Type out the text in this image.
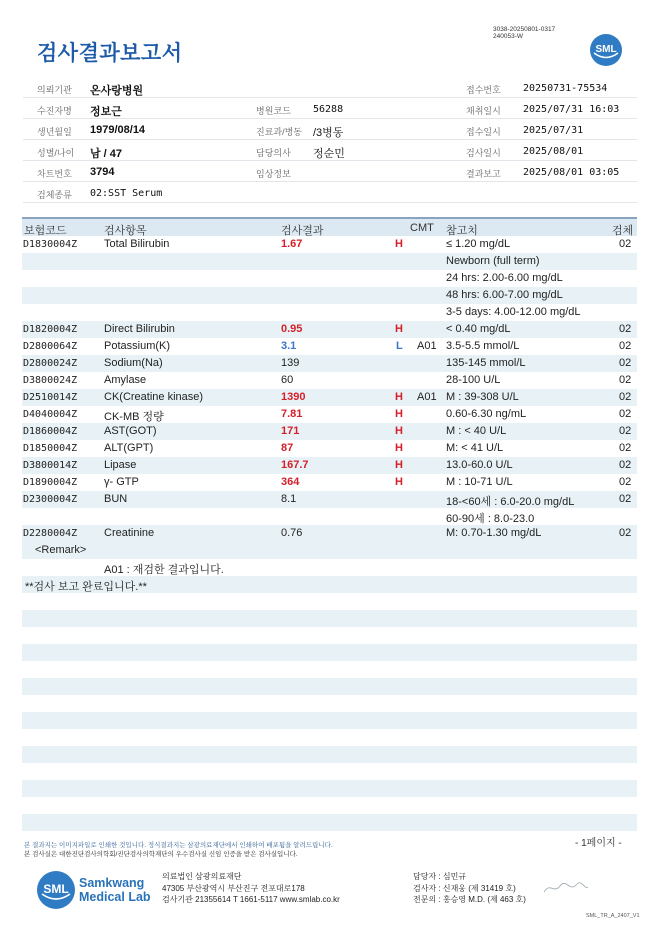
3038-20250801-0317
240053-W
검사결과보고서	SML
의뢰기관 온사랑병원	접수번호 20250731-75534
수진자명 정보근	병원코드 56288	채취일시 2025/07/31 16:03
생년월일 1979/08/14	진료과/병동 /3병동	접수일시 2025/07/31
성별/나이 남 / 47	담당의사 정순민	검사일시 2025/08/01
차트번호 3794	임상정보	결과보고 2025/08/01 03:05
검체종류 02:SST Serum
보험코드	검사항목	검사결과	CMT 참고치	검체
D1830004Z Total Bilirubin	1.67	H	≤ 1.20 mg/dL	02
Newborn (full term)
24 hrs: 2.00-6.00 mg/dL
48 hrs: 6.00-7.00 mg/dL
3-5 days: 4.00-12.00 mg/dL
D1820004Z Direct Bilirubin	0.95	H	< 0.40 mg/dL	02
D2800064Z Potassium(K)	3.1	L A01 3.5-5.5 mmol/L	02
D2800024Z Sodium(Na)	139	135-145 mmol/L	02
D3800024Z Amylase	60	28-100 U/L	02
D2510014Z CK(Creatine kinase)	1390	H A01 M : 39-308 U/L	02
D4040004Z CK-MB 정량	7.81	H	0.60-6.30 ng/mL	02
D1860004Z AST(GOT)	171	H	M : < 40 U/L	02
D1850004Z ALT(GPT)	87	H	M: < 41 U/L	02
D3800014Z Lipase	167.7	H	13.0-60.0 U/L	02
D1890004Z γ- GTP	364	H	M : 10-71 U/L	02
D2300004Z BUN	8.1	18-<60세 : 6.0-20.0 mg/dL	02
60-90세 : 8.0-23.0
D2280004Z Creatinine	0.76	M: 0.70-1.30 mg/dL	02
<Remark>
A01 : 재검한 결과입니다.
**검사 보고 완료입니다.**
- 1페이지 -
본 결과지는 이미지파일로 인쇄한 것입니다. 정식결과지는 삼광의료재단에서 인쇄하여 배포됨을 알려드립니다.
본 검사실은 대한진단검사의학회/진단검사의학재단의 우수검사실 신임 인증을 받은 검사실입니다.
SML Samkwang
Medical Lab
의료법인 삼광의료재단
47305 부산광역시 부산진구 전포대로178
검사기관 21355614 T 1661-5117 www.smlab.co.kr
담당자 : 심민규
검사자 : 신재웅 (제 31419 호)
전문의 : 홍승영 M.D. (제 463 호)
SML_TR_A_2407_V1
